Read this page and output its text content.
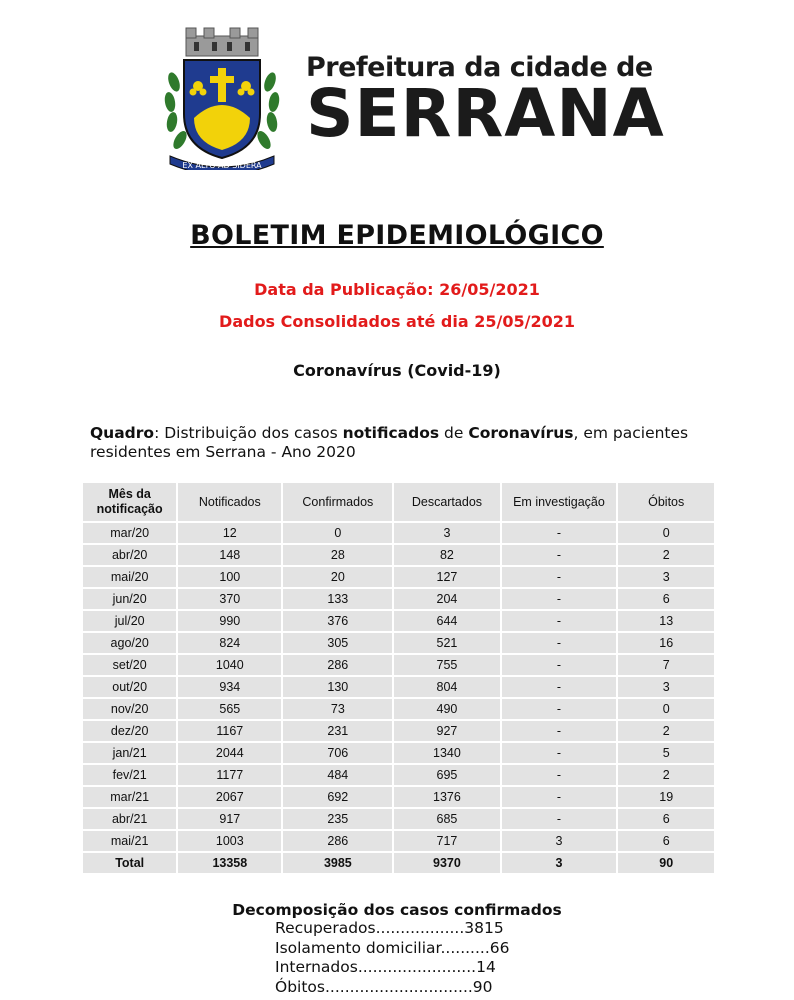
EX ALTO AD SIDERA
Prefeitura da cidade de
SERRANA
BOLETIM EPIDEMIOLÓGICO
Data da Publicação: 26/05/2021
Dados Consolidados até dia 25/05/2021
Coronavírus (Covid-19)
Quadro: Distribuição dos casos notificados de Coronavírus, em pacientes residentes em Serrana - Ano 2020
Mês da notificação	Notificados	Confirmados	Descartados	Em investigação	Óbitos
mar/20	12	0	3	-	0
abr/20	148	28	82	-	2
mai/20	100	20	127	-	3
jun/20	370	133	204	-	6
jul/20	990	376	644	-	13
ago/20	824	305	521	-	16
set/20	1040	286	755	-	7
out/20	934	130	804	-	3
nov/20	565	73	490	-	0
dez/20	1167	231	927	-	2
jan/21	2044	706	1340	-	5
fev/21	1177	484	695	-	2
mar/21	2067	692	1376	-	19
abr/21	917	235	685	-	6
mai/21	1003	286	717	3	6
Total	13358	3985	9370	3	90
Decomposição dos casos confirmados
Recuperados..................3815
Isolamento domiciliar..........66
Internados........................14
Óbitos..............................90
